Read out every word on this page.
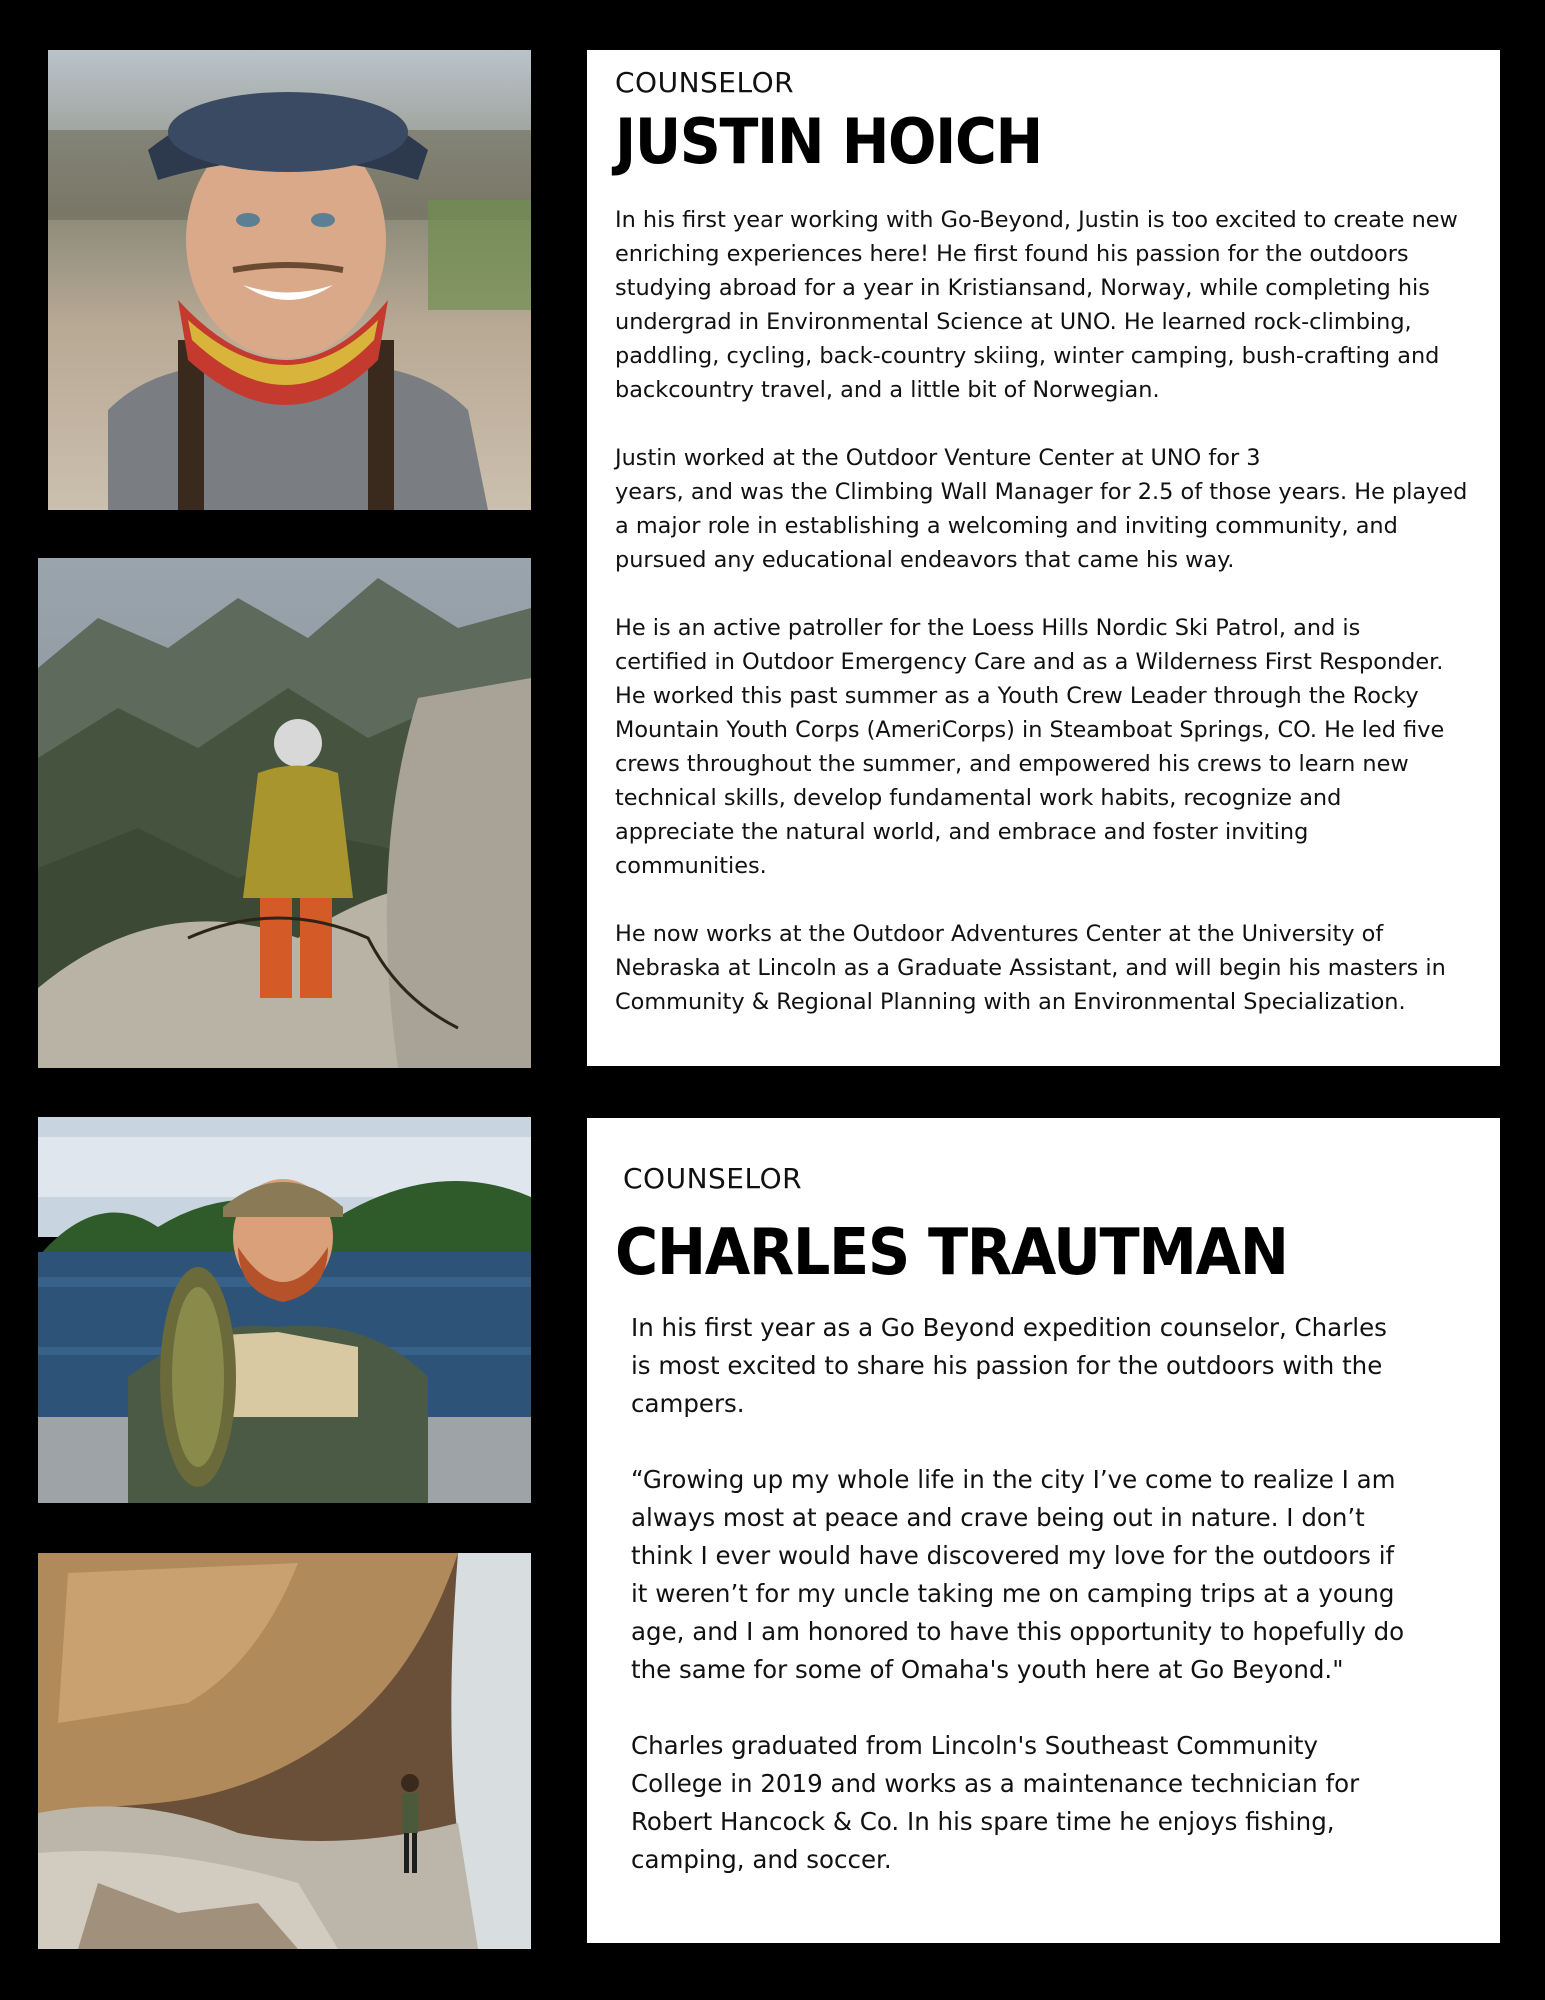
COUNSELOR
JUSTIN HOICH

In his first year working with Go-Beyond, Justin is too excited to create new
enriching experiences here! He first found his passion for the outdoors
studying abroad for a year in Kristiansand, Norway, while completing his
undergrad in Environmental Science at UNO. He learned rock-climbing,
paddling, cycling, back-country skiing, winter camping, bush-crafting and
backcountry travel, and a little bit of Norwegian.

Justin worked at the Outdoor Venture Center at UNO for 3
years, and was the Climbing Wall Manager for 2.5 of those years. He played
a major role in establishing a welcoming and inviting community, and
pursued any educational endeavors that came his way.

He is an active patroller for the Loess Hills Nordic Ski Patrol, and is
certified in Outdoor Emergency Care and as a Wilderness First Responder.
He worked this past summer as a Youth Crew Leader through the Rocky
Mountain Youth Corps (AmeriCorps) in Steamboat Springs, CO. He led five
crews throughout the summer, and empowered his crews to learn new
technical skills, develop fundamental work habits, recognize and
appreciate the natural world, and embrace and foster inviting
communities.

He now works at the Outdoor Adventures Center at the University of
Nebraska at Lincoln as a Graduate Assistant, and will begin his masters in
Community & Regional Planning with an Environmental Specialization.

COUNSELOR
CHARLES TRAUTMAN

In his first year as a Go Beyond expedition counselor, Charles
is most excited to share his passion for the outdoors with the
campers.

“Growing up my whole life in the city I’ve come to realize I am
always most at peace and crave being out in nature. I don’t
think I ever would have discovered my love for the outdoors if
it weren’t for my uncle taking me on camping trips at a young
age, and I am honored to have this opportunity to hopefully do
the same for some of Omaha's youth here at Go Beyond."

Charles graduated from Lincoln's Southeast Community
College in 2019 and works as a maintenance technician for
Robert Hancock & Co. In his spare time he enjoys fishing,
camping, and soccer.
